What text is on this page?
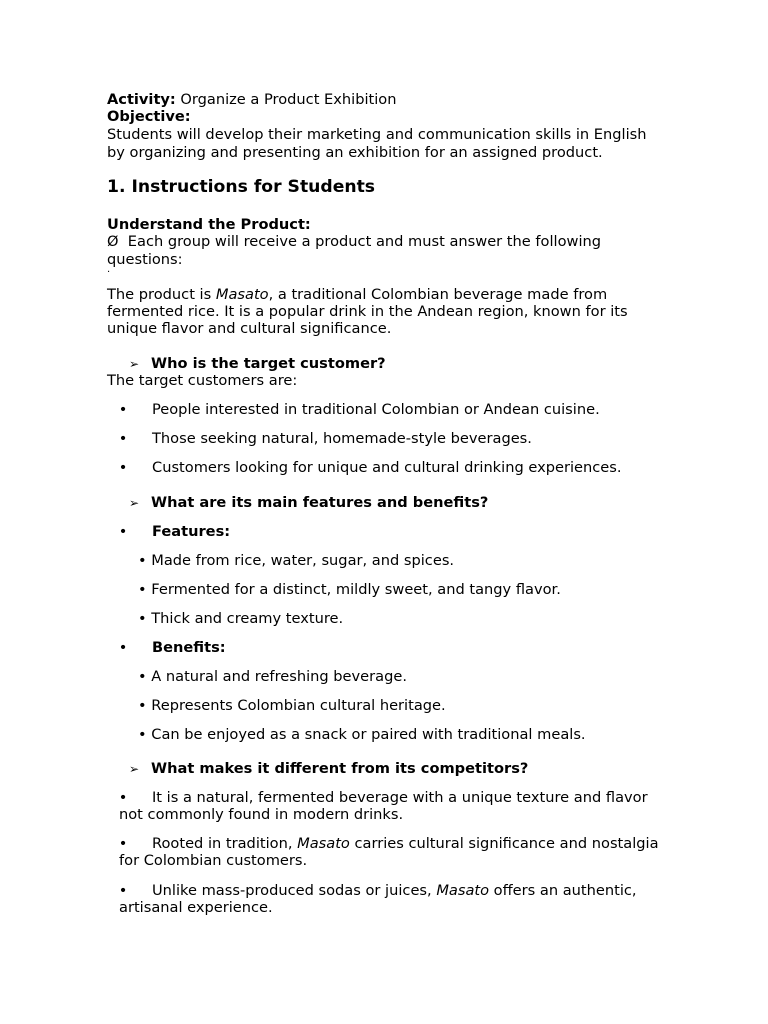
Activity: Organize a Product Exhibition
Objective:
Students will develop their marketing and communication skills in English
by organizing and presenting an exhibition for an assigned product.
1. Instructions for Students
Understand the Product:
Ø Each group will receive a product and must answer the following
questions:
·
The product is Masato, a traditional Colombian beverage made from
fermented rice. It is a popular drink in the Andean region, known for its
unique flavor and cultural significance.
➢ Who is the target customer?
The target customers are:
• People interested in traditional Colombian or Andean cuisine.
• Those seeking natural, homemade-style beverages.
• Customers looking for unique and cultural drinking experiences.
➢ What are its main features and benefits?
• Features:
• Made from rice, water, sugar, and spices.
• Fermented for a distinct, mildly sweet, and tangy flavor.
• Thick and creamy texture.
• Benefits:
• A natural and refreshing beverage.
• Represents Colombian cultural heritage.
• Can be enjoyed as a snack or paired with traditional meals.
➢ What makes it different from its competitors?
• It is a natural, fermented beverage with a unique texture and flavor
not commonly found in modern drinks.
• Rooted in tradition, Masato carries cultural significance and nostalgia
for Colombian customers.
• Unlike mass-produced sodas or juices, Masato offers an authentic,
artisanal experience.
